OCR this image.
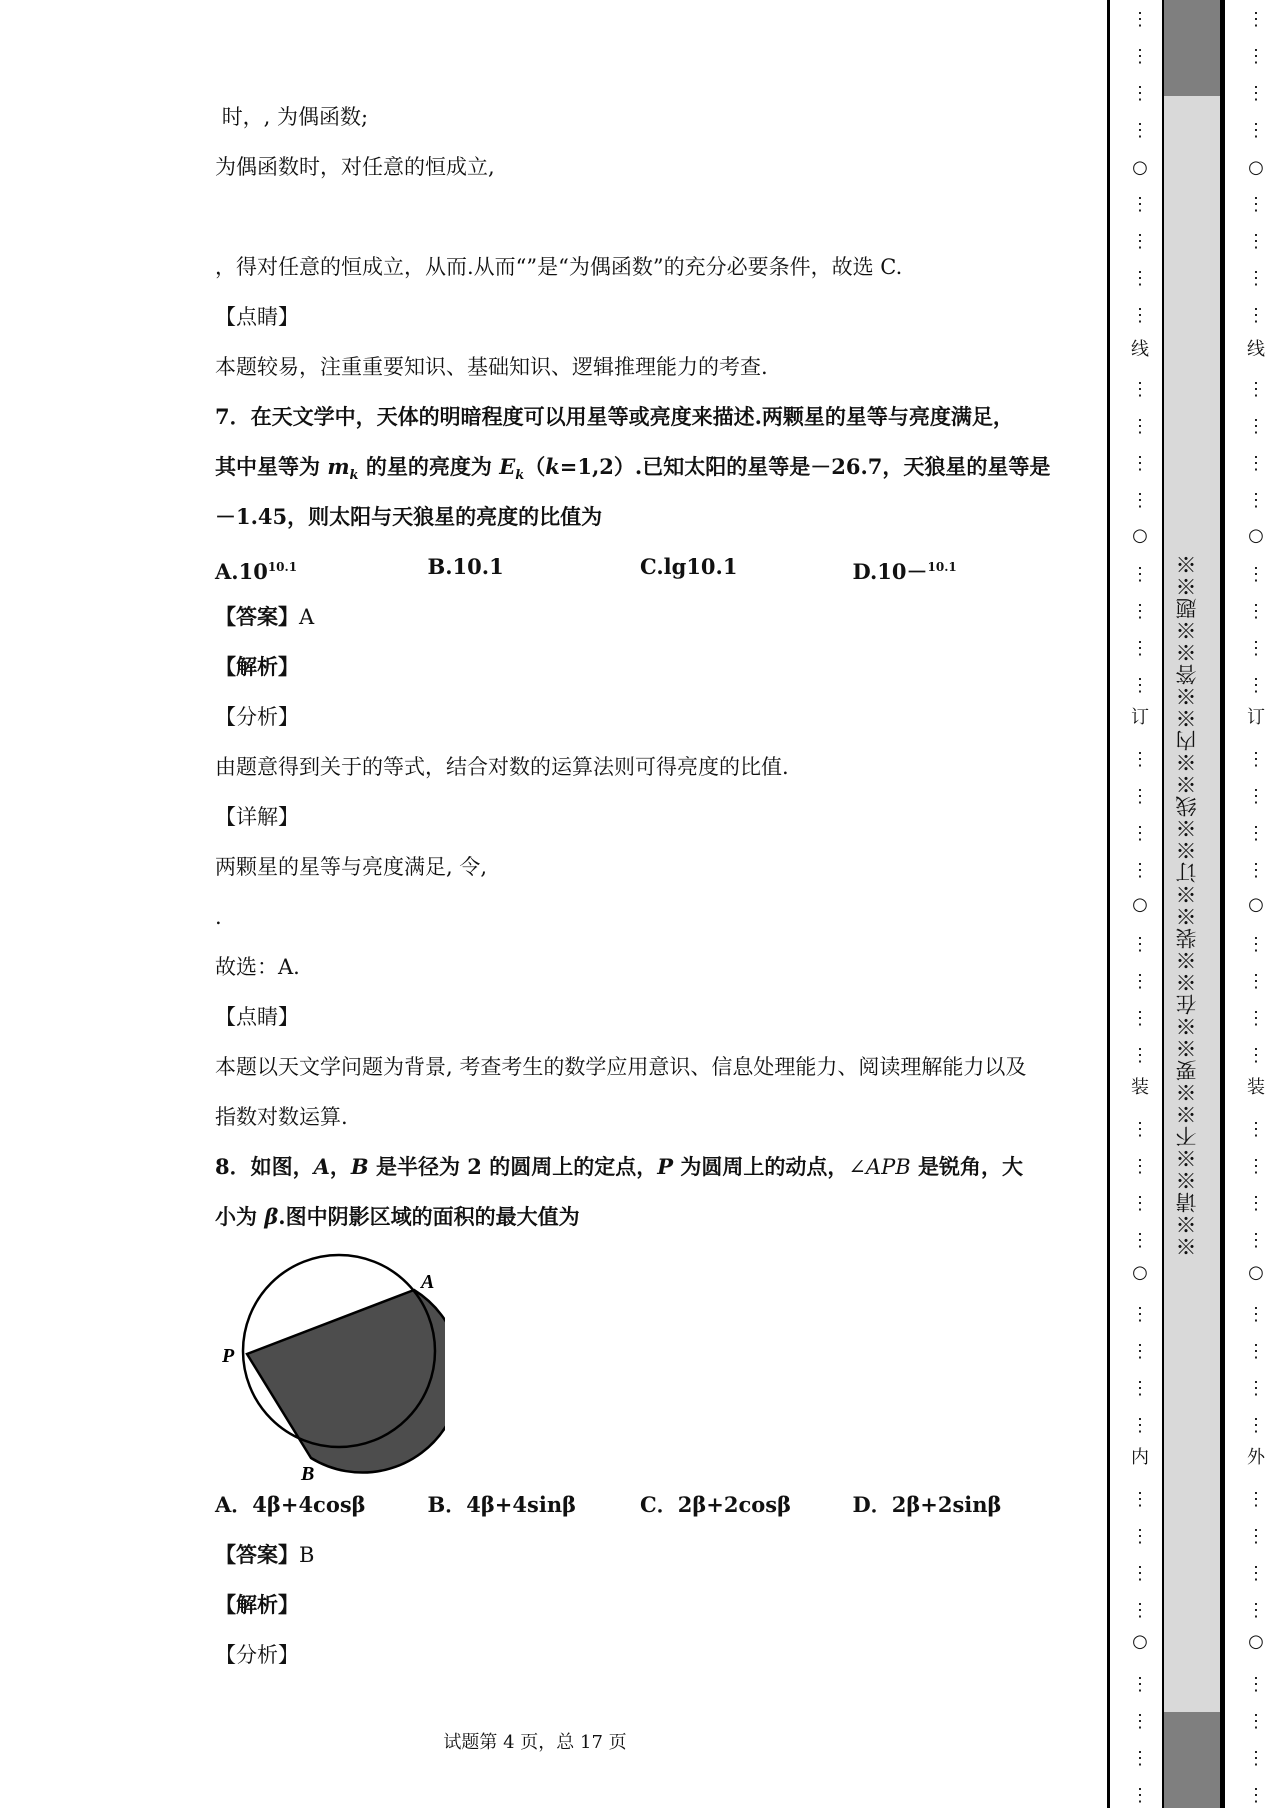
时，, 为偶函数;
为偶函数时，对任意的恒成立,
，得对任意的恒成立，从而.从而“”是“为偶函数”的充分必要条件，故选 C.
【点睛】
本题较易，注重重要知识、基础知识、逻辑推理能力的考查.
7．在天文学中，天体的明暗程度可以用星等或亮度来描述.两颗星的星等与亮度满足，
其中星等为 $m_k$ 的星的亮度为 $E_k(k=1,2)$.已知太阳的星等是－26.7，天狼星的星等是
－1.45，则太阳与天狼星的亮度的比值为
$A.10^{10.1}$	B.10.1	C.lg10.1	D.10－$^{10.1}$
【答案】A
【解析】
【分析】
由题意得到关于的等式，结合对数的运算法则可得亮度的比值.
【详解】
两颗星的星等与亮度满足, 令,
.
故选：A.
【点睛】
本题以天文学问题为背景, 考查考生的数学应用意识、信息处理能力、阅读理解能力以及
指数对数运算.
8．如图，A，B 是半径为 2 的圆周上的定点，P 为圆周上的动点，∠APB 是锐角，大
小为 β.图中阴影区域的面积的最大值为
A
P
B
A．4β+4cosβ	B．4β+4sinβ	C．2β+2cosβ	D．2β+2sinβ
【答案】B
【解析】
【分析】
试题第 4 页，总 17 页
※※请※※不※※要※※在※※装※※订※※线※※内※※答※※题※※
⋮
⋮
⋮
⋮
⋮
⋮
⋮
⋮
⋮
⋮
⋮
⋮
⋮
⋮
⋮
⋮
⋮
⋮
⋮
⋮
⋮
⋮
⋮
⋮
⋮
⋮
⋮
⋮
⋮
⋮
⋮
⋮
⋮
⋮
⋮
⋮
⋮
⋮
⋮
⋮
○
○
○
○
○
线
订
装
内
⋮
⋮
⋮
⋮
⋮
⋮
⋮
⋮
⋮
⋮
⋮
⋮
⋮
⋮
⋮
⋮
⋮
⋮
⋮
⋮
⋮
⋮
⋮
⋮
⋮
⋮
⋮
⋮
⋮
⋮
⋮
⋮
⋮
⋮
⋮
⋮
⋮
⋮
⋮
⋮
○
○
○
○
○
线
订
装
外
